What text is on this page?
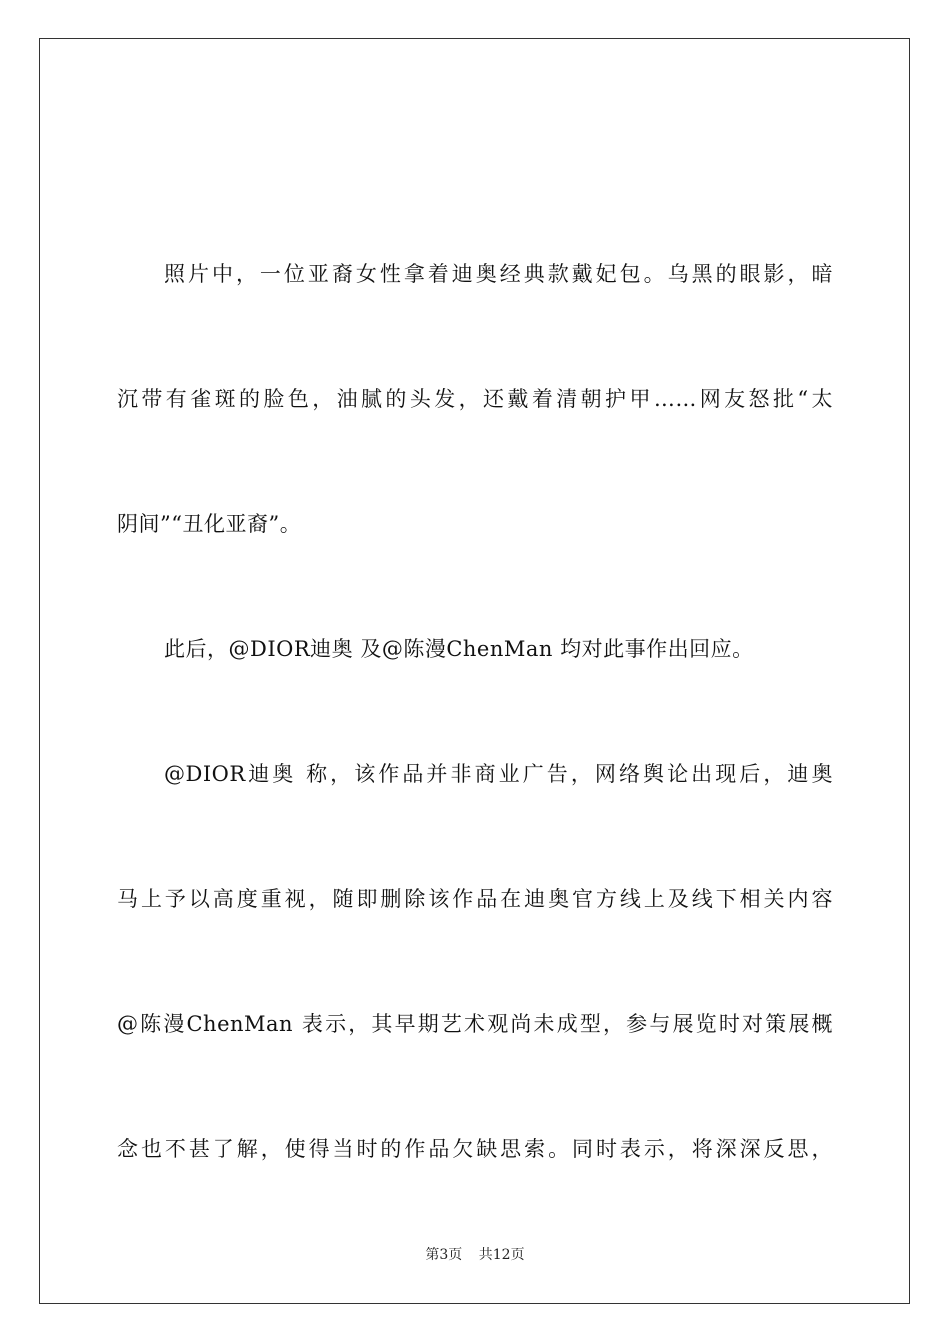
照片中，一位亚裔女性拿着迪奥经典款戴妃包。乌黑的眼影，暗
沉带有雀斑的脸色，油腻的头发，还戴着清朝护甲……网友怒批“太
阴间”“丑化亚裔”。
此后，@DIOR迪奥 及@陈漫ChenMan 均对此事作出回应。
@DIOR迪奥 称，该作品并非商业广告，网络舆论出现后，迪奥
马上予以高度重视，随即删除该作品在迪奥官方线上及线下相关内容
@陈漫ChenMan 表示，其早期艺术观尚未成型，参与展览时对策展概
念也不甚了解，使得当时的作品欠缺思索。同时表示，将深深反思，
第3页 共12页
